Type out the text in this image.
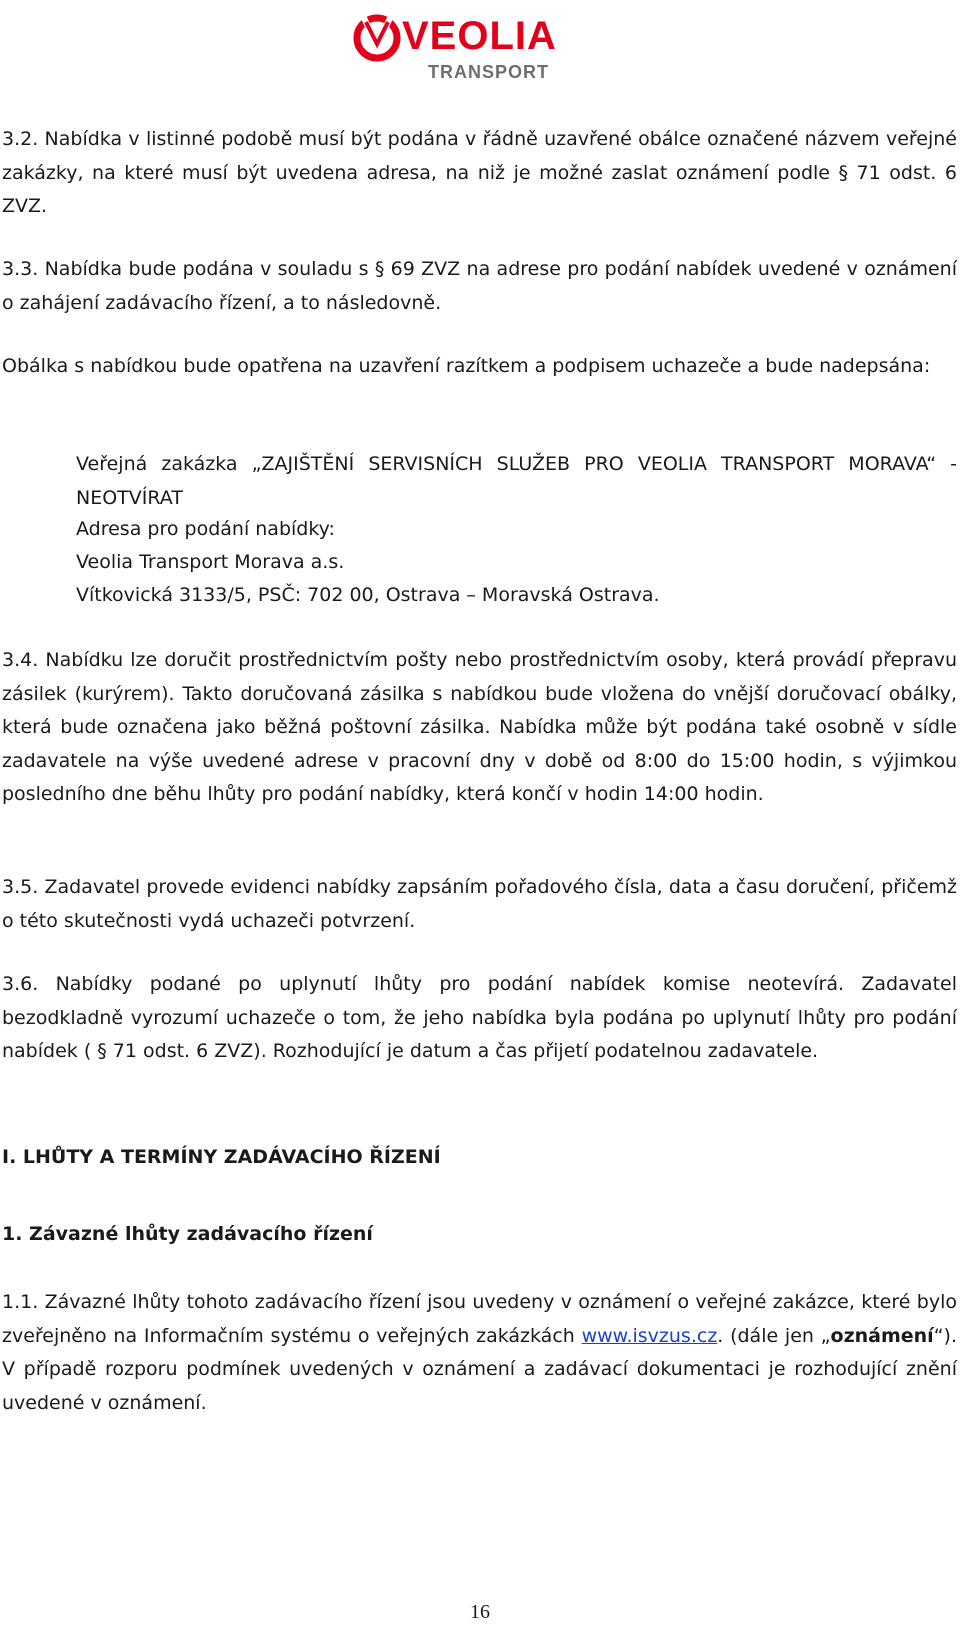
VEOLIA
TRANSPORT

3.2. Nabídka v listinné podobě musí být podána v řádně uzavřené obálce označené názvem veřejné zakázky, na které musí být uvedena adresa, na niž je možné zaslat oznámení podle § 71 odst. 6 ZVZ.

3.3. Nabídka bude podána v souladu s § 69 ZVZ na adrese pro podání nabídek uvedené v oznámení o zahájení zadávacího řízení, a to následovně.

Obálka s nabídkou bude opatřena na uzavření razítkem a podpisem uchazeče a bude nadepsána:

Veřejná zakázka „ZAJIŠTĚNÍ SERVISNÍCH SLUŽEB PRO VEOLIA TRANSPORT MORAVA“ - NEOTVÍRAT

Adresa pro podání nabídky:

Veolia Transport Morava a.s.

Vítkovická 3133/5, PSČ: 702 00, Ostrava – Moravská Ostrava.

3.4. Nabídku lze doručit prostřednictvím pošty nebo prostřednictvím osoby, která provádí přepravu zásilek (kurýrem). Takto doručovaná zásilka s nabídkou bude vložena do vnější doručovací obálky, která bude označena jako běžná poštovní zásilka. Nabídka může být podána také osobně v sídle zadavatele na výše uvedené adrese v pracovní dny v době od 8:00 do 15:00 hodin, s výjimkou posledního dne běhu lhůty pro podání nabídky, která končí v hodin 14:00 hodin.

3.5. Zadavatel provede evidenci nabídky zapsáním pořadového čísla, data a času doručení, přičemž o této skutečnosti vydá uchazeči potvrzení.

3.6. Nabídky podané po uplynutí lhůty pro podání nabídek komise neotevírá. Zadavatel bezodkladně vyrozumí uchazeče o tom, že jeho nabídka byla podána po uplynutí lhůty pro podání nabídek ( § 71 odst. 6 ZVZ). Rozhodující je datum a čas přijetí podatelnou zadavatele.

I. LHŮTY A TERMÍNY ZADÁVACÍHO ŘÍZENÍ

1. Závazné lhůty zadávacího řízení

1.1. Závazné lhůty tohoto zadávacího řízení jsou uvedeny v oznámení o veřejné zakázce, které bylo zveřejněno na Informačním systému o veřejných zakázkách www.isvzus.cz. (dále jen „oznámení“). V případě rozporu podmínek uvedených v oznámení a zadávací dokumentaci je rozhodující znění uvedené v oznámení.

16
